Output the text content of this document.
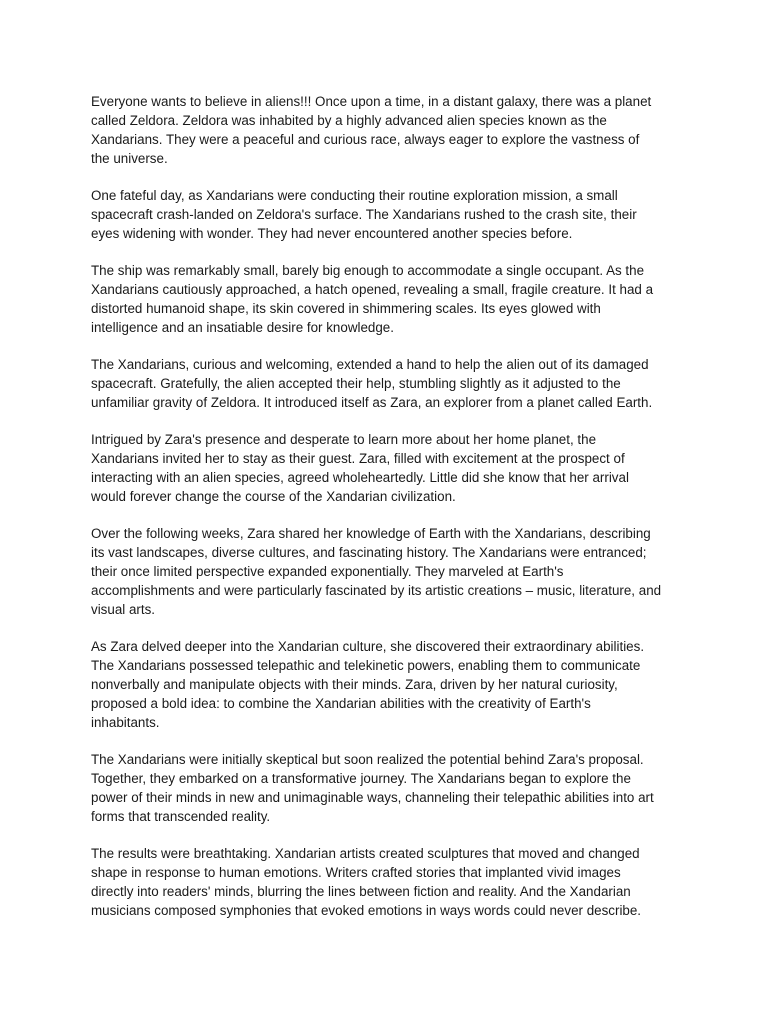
Everyone wants to believe in aliens!!! Once upon a time, in a distant galaxy, there was a planet
called Zeldora. Zeldora was inhabited by a highly advanced alien species known as the
Xandarians. They were a peaceful and curious race, always eager to explore the vastness of
the universe.

One fateful day, as Xandarians were conducting their routine exploration mission, a small
spacecraft crash-landed on Zeldora's surface. The Xandarians rushed to the crash site, their
eyes widening with wonder. They had never encountered another species before.

The ship was remarkably small, barely big enough to accommodate a single occupant. As the
Xandarians cautiously approached, a hatch opened, revealing a small, fragile creature. It had a
distorted humanoid shape, its skin covered in shimmering scales. Its eyes glowed with
intelligence and an insatiable desire for knowledge.

The Xandarians, curious and welcoming, extended a hand to help the alien out of its damaged
spacecraft. Gratefully, the alien accepted their help, stumbling slightly as it adjusted to the
unfamiliar gravity of Zeldora. It introduced itself as Zara, an explorer from a planet called Earth.

Intrigued by Zara's presence and desperate to learn more about her home planet, the
Xandarians invited her to stay as their guest. Zara, filled with excitement at the prospect of
interacting with an alien species, agreed wholeheartedly. Little did she know that her arrival
would forever change the course of the Xandarian civilization.

Over the following weeks, Zara shared her knowledge of Earth with the Xandarians, describing
its vast landscapes, diverse cultures, and fascinating history. The Xandarians were entranced;
their once limited perspective expanded exponentially. They marveled at Earth's
accomplishments and were particularly fascinated by its artistic creations – music, literature, and
visual arts.

As Zara delved deeper into the Xandarian culture, she discovered their extraordinary abilities.
The Xandarians possessed telepathic and telekinetic powers, enabling them to communicate
nonverbally and manipulate objects with their minds. Zara, driven by her natural curiosity,
proposed a bold idea: to combine the Xandarian abilities with the creativity of Earth's
inhabitants.

The Xandarians were initially skeptical but soon realized the potential behind Zara's proposal.
Together, they embarked on a transformative journey. The Xandarians began to explore the
power of their minds in new and unimaginable ways, channeling their telepathic abilities into art
forms that transcended reality.

The results were breathtaking. Xandarian artists created sculptures that moved and changed
shape in response to human emotions. Writers crafted stories that implanted vivid images
directly into readers' minds, blurring the lines between fiction and reality. And the Xandarian
musicians composed symphonies that evoked emotions in ways words could never describe.
